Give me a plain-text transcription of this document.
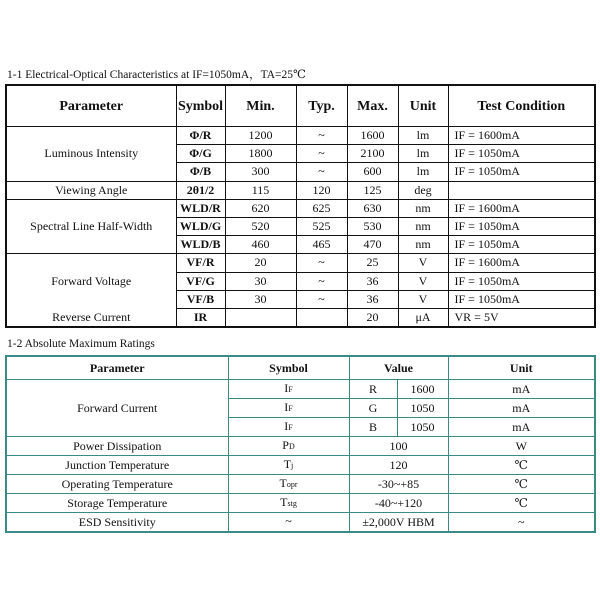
1-1 Electrical-Optical Characteristics at IF=1050mA，TA=25℃
Parameter	Symbol	Min.	Typ.	Max.	Unit	Test Condition
Luminous Intensity	Φ/R	1200	~	1600	lm	IF = 1600mA
	Φ/G	1800	~	2100	lm	IF = 1050mA
	Φ/B	300	~	600	lm	IF = 1050mA
Viewing Angle	2θ1/2	115	120	125	deg	
Spectral Line Half-Width	WLD/R	620	625	630	nm	IF = 1600mA
	WLD/G	520	525	530	nm	IF = 1050mA
	WLD/B	460	465	470	nm	IF = 1050mA
Forward Voltage	VF/R	20	~	25	V	IF = 1600mA
	VF/G	30	~	36	V	IF = 1050mA
	VF/B	30	~	36	V	IF = 1050mA
Reverse Current	IR			20	μA	VR = 5V
1-2 Absolute Maximum Ratings
Parameter	Symbol	Value		Unit
Forward Current	IF	R	1600	mA
	IF	G	1050	mA
	IF	B	1050	mA
Power Dissipation	PD	100		W
Junction Temperature	Tj	120		℃
Operating Temperature	Topr	-30~+85		℃
Storage Temperature	Tstg	-40~+120		℃
ESD Sensitivity	~	±2,000V HBM		~
